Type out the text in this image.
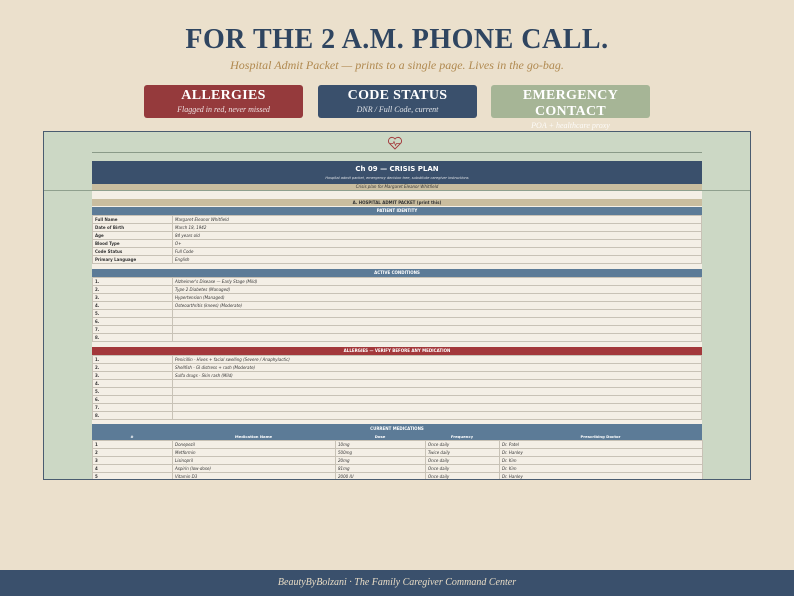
FOR THE 2 A.M. PHONE CALL.
Hospital Admit Packet — prints to a single page. Lives in the go-bag.
ALLERGIES
Flagged in red, never missed
CODE STATUS
DNR / Full Code, current
EMERGENCY CONTACT
POA + healthcare proxy
Ch 09 — CRISIS PLAN
Hospital admit packet, emergency decision tree, substitute caregiver instructions
Crisis plan for Margaret Eleanor Whitfield
A. HOSPITAL ADMIT PACKET (print this)
PATIENT IDENTITY
Full Name	Margaret Eleanor Whitfield
Date of Birth	March 18, 1942
Age	84 years old
Blood Type	O+
Code Status	Full Code
Primary Language	English
ACTIVE CONDITIONS
1.	Alzheimer's Disease — Early Stage (Mild)
2.	Type 2 Diabetes (Managed)
3.	Hypertension (Managed)
4.	Osteoarthritis (knees) (Moderate)
5.	
6.	
7.	
8.	
ALLERGIES — VERIFY BEFORE ANY MEDICATION
1.	Penicillin - Hives + facial swelling (Severe / Anaphylactic)
2.	Shellfish - GI distress + rash (Moderate)
3.	Sulfa drugs - Skin rash (Mild)
4.	
5.	
6.	
7.	
8.	
CURRENT MEDICATIONS
#	Medication Name	Dose	Frequency	Prescribing Doctor
1	Donepezil	10mg	Once daily	Dr. Patel
2	Metformin	500mg	Twice daily	Dr. Hanley
3	Lisinopril	20mg	Once daily	Dr. Kim
4	Aspirin (low-dose)	81mg	Once daily	Dr. Kim
5	Vitamin D3	2000 IU	Once daily	Dr. Hanley
BeautyByBolzani · The Family Caregiver Command Center
